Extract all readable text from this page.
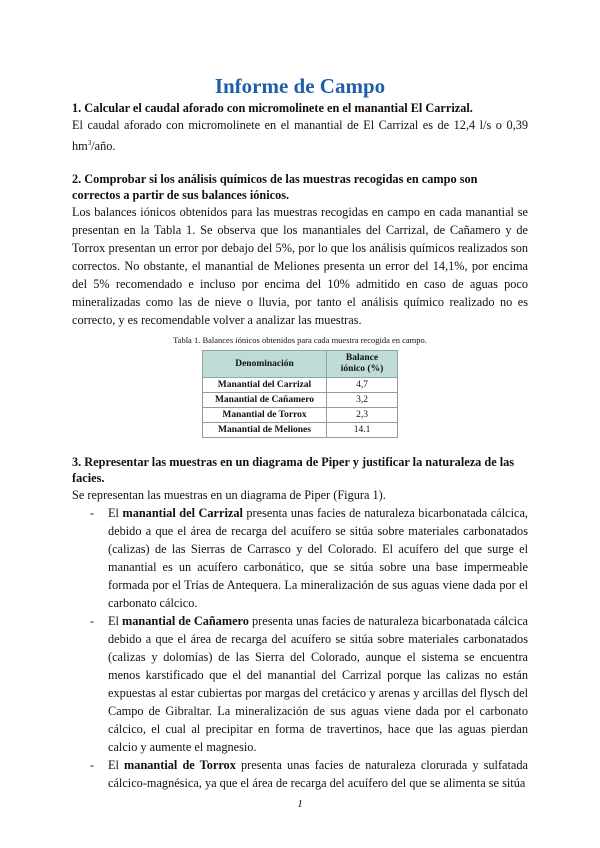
Informe de Campo
1. Calcular el caudal aforado con micromolinete en el manantial El Carrizal.

El caudal aforado con micromolinete en el manantial de El Carrizal es de 12,4 l/s o 0,39 $hm^3$/año.

2. Comprobar si los análisis químicos de las muestras recogidas en campo son correctos a partir de sus balances iónicos.

Los balances iónicos obtenidos para las muestras recogidas en campo en cada manantial se presentan en la Tabla 1. Se observa que los manantiales del Carrizal, de Cañamero y de Torrox presentan un error por debajo del 5%, por lo que los análisis químicos realizados son correctos. No obstante, el manantial de Meliones presenta un error del 14,1%, por encima del 5% recomendado e incluso por encima del 10% admitido en caso de aguas poco mineralizadas como las de nieve o lluvia, por tanto el análisis químico realizado no es correcto, y es recomendable volver a analizar las muestras.

Tabla 1. Balances iónicos obtenidos para cada muestra recogida en campo.
Denominación	Balance
iónico (%)
Manantial del Carrizal	4,7
Manantial de Cañamero	3,2
Manantial de Torrox	2,3
Manantial de Meliones	14.1
3. Representar las muestras en un diagrama de Piper y justificar la naturaleza de las facies.

Se representan las muestras en un diagrama de Piper (Figura 1).

- El manantial del Carrizal presenta unas facies de naturaleza bicarbonatada cálcica, debido a que el área de recarga del acuífero se sitúa sobre materiales carbonatados (calizas) de las Sierras de Carrasco y del Colorado. El acuífero del que surge el manantial es un acuífero carbonático, que se sitúa sobre una base impermeable formada por el Trías de Antequera. La mineralización de sus aguas viene dada por el carbonato cálcico.
- El manantial de Cañamero presenta unas facies de naturaleza bicarbonatada cálcica debido a que el área de recarga del acuífero se sitúa sobre materiales carbonatados (calizas y dolomías) de las Sierra del Colorado, aunque el sistema se encuentra menos karstificado que el del manantial del Carrizal porque las calizas no están expuestas al estar cubiertas por margas del cretácico y arenas y arcillas del flysch del Campo de Gibraltar. La mineralización de sus aguas viene dada por el carbonato cálcico, el cual al precipitar en forma de travertinos, hace que las aguas pierdan calcio y aumente el magnesio.
- El manantial de Torrox presenta unas facies de naturaleza clorurada y sulfatada cálcico-magnésica, ya que el área de recarga del acuífero del que se alimenta se sitúa
1
